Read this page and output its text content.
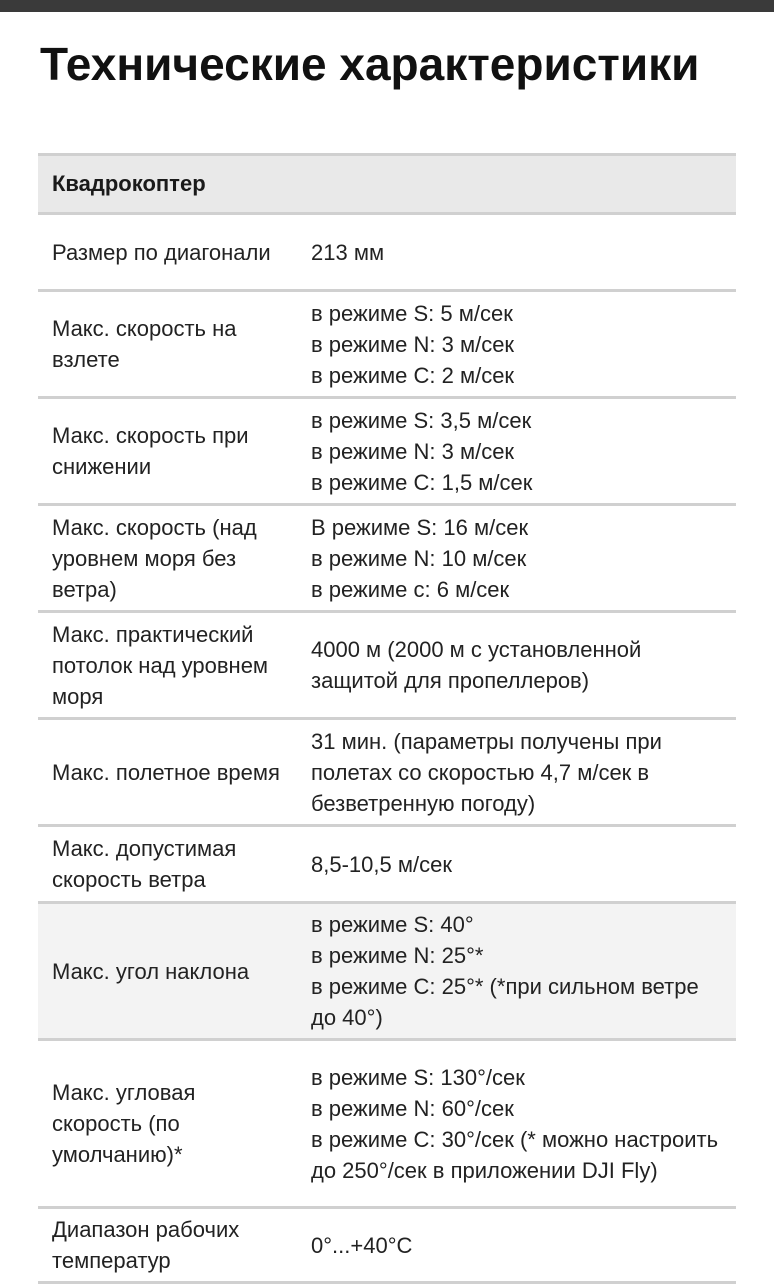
Технические характеристики
Квадрокоптер
Размер по диагонали	213 мм
Макс. скорость на взлете
в режиме S: 5 м/сек
в режиме N: 3 м/сек
в режиме C: 2 м/сек
Макс. скорость при снижении
в режиме S: 3,5 м/сек
в режиме N: 3 м/сек
в режиме C: 1,5 м/сек
Макс. скорость (над уровнем моря без ветра)
В режиме S: 16 м/сек
в режиме N: 10 м/сек
в режиме с: 6 м/сек
Макс. практический потолок над уровнем моря
4000 м (2000 м с установленной защитой для пропеллеров)
Макс. полетное время
31 мин. (параметры получены при полетах со скоростью 4,7 м/сек в безветренную погоду)
Макс. допустимая скорость ветра
8,5-10,5 м/сек
Макс. угол наклона
в режиме S: 40°
в режиме N: 25°*
в режиме C: 25°* (*при сильном ветре до 40°)
Макс. угловая скорость (по умолчанию)*
в режиме S: 130°/сек
в режиме N: 60°/сек
в режиме C: 30°/сек (* можно настроить до 250°/сек в приложении DJI Fly)
Диапазон рабочих температур
0°...+40°C
